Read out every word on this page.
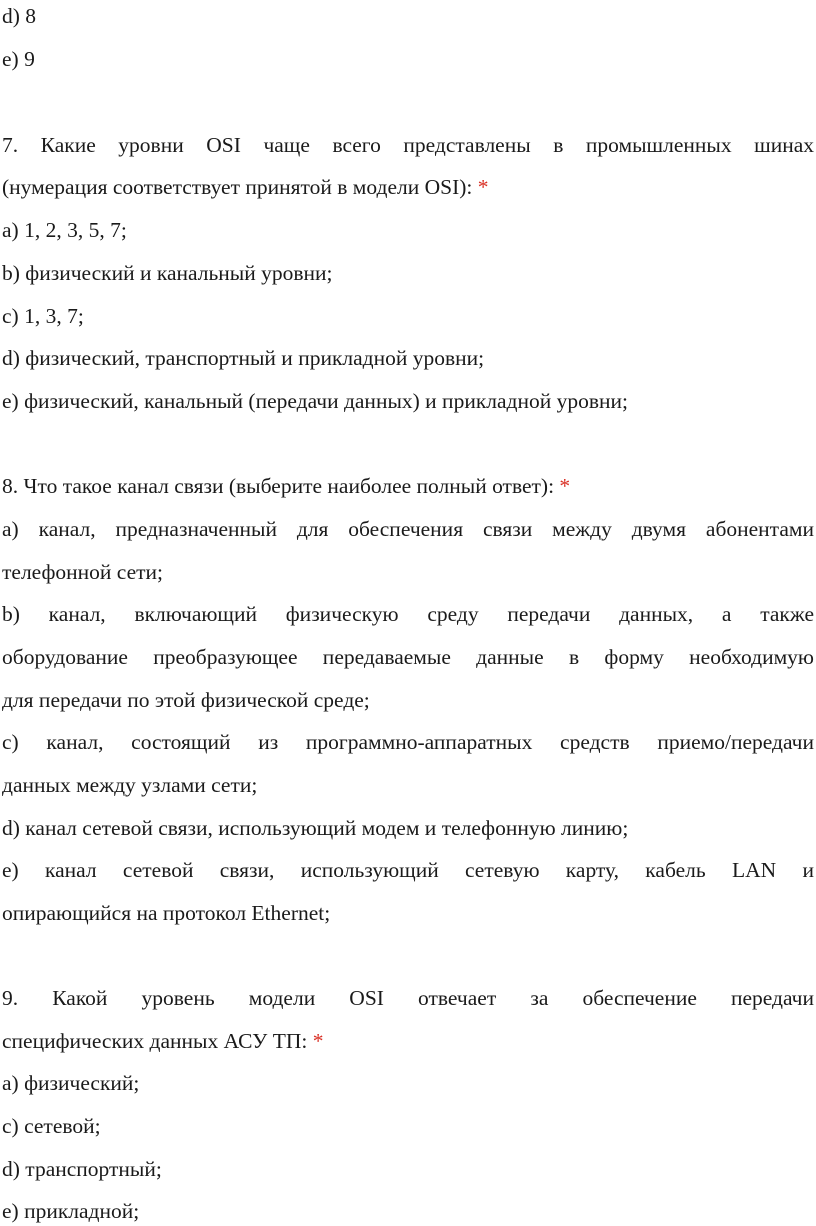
d) 8
e) 9
7. Какие уровни OSI чаще всего представлены в промышленных шинах
(нумерация соответствует принятой в модели OSI): *
a) 1, 2, 3, 5, 7;
b) физический и канальный уровни;
c) 1, 3, 7;
d) физический, транспортный и прикладной уровни;
e) физический, канальный (передачи данных) и прикладной уровни;
8. Что такое канал связи (выберите наиболее полный ответ): *
a) канал, предназначенный для обеспечения связи между двумя абонентами
телефонной сети;
b) канал, включающий физическую среду передачи данных, а также
оборудование преобразующее передаваемые данные в форму необходимую
для передачи по этой физической среде;
c) канал, состоящий из программно-аппаратных средств приемо/передачи
данных между узлами сети;
d) канал сетевой связи, использующий модем и телефонную линию;
e) канал сетевой связи, использующий сетевую карту, кабель LAN и
опирающийся на протокол Ethernet;
9. Какой уровень модели OSI отвечает за обеспечение передачи
специфических данных АСУ ТП: *
a) физический;
c) сетевой;
d) транспортный;
e) прикладной;
